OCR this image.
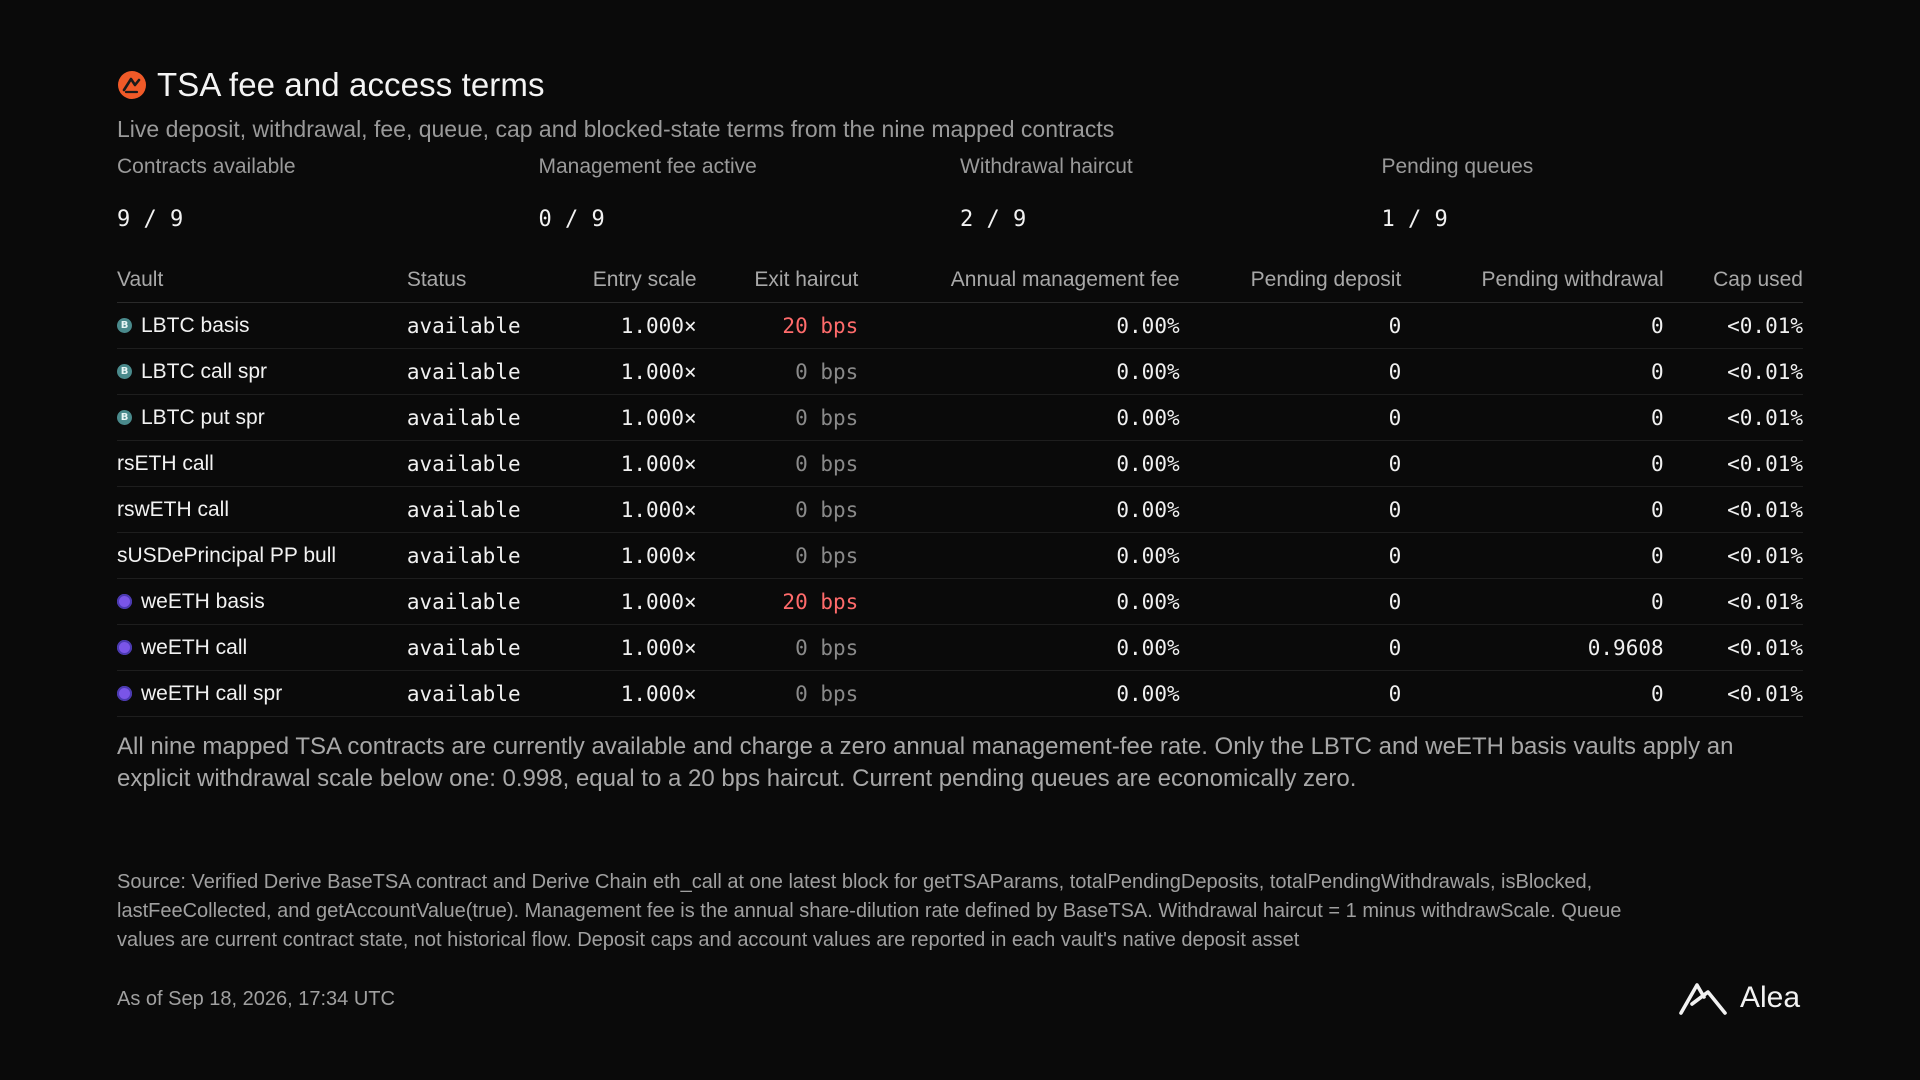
TSA fee and access terms
Live deposit, withdrawal, fee, queue, cap and blocked-state terms from the nine mapped contracts
Contracts available
9 / 9
Management fee active
0 / 9
Withdrawal haircut
2 / 9
Pending queues
1 / 9
Vault	Status	Entry scale	Exit haircut	Annual management fee	Pending deposit	Pending withdrawal	Cap used

B
LBTC basis	available	1.000×	20 bps	0.00%	0	0	<0.01%

B
LBTC call spr	available	1.000×	0 bps	0.00%	0	0	<0.01%

B
LBTC put spr	available	1.000×	0 bps	0.00%	0	0	<0.01%

rsETH call	available	1.000×	0 bps	0.00%	0	0	<0.01%

rswETH call	available	1.000×	0 bps	0.00%	0	0	<0.01%

sUSDePrincipal PP bull	available	1.000×	0 bps	0.00%	0	0	<0.01%

weETH basis	available	1.000×	20 bps	0.00%	0	0	<0.01%

weETH call	available	1.000×	0 bps	0.00%	0	0.9608	<0.01%

weETH call spr	available	1.000×	0 bps	0.00%	0	0	<0.01%
All nine mapped TSA contracts are currently available and charge a zero annual management-fee rate. Only the LBTC and weETH basis vaults apply an explicit withdrawal scale below one: 0.998, equal to a 20 bps haircut. Current pending queues are economically zero.
Source: Verified Derive BaseTSA contract and Derive Chain eth_call at one latest block for getTSAParams, totalPendingDeposits, totalPendingWithdrawals, isBlocked, lastFeeCollected, and getAccountValue(true). Management fee is the annual share-dilution rate defined by BaseTSA. Withdrawal haircut = 1 minus withdrawScale. Queue values are current contract state, not historical flow. Deposit caps and account values are reported in each vault's native deposit asset
As of Sep 18, 2026, 17:34 UTC	Alea
